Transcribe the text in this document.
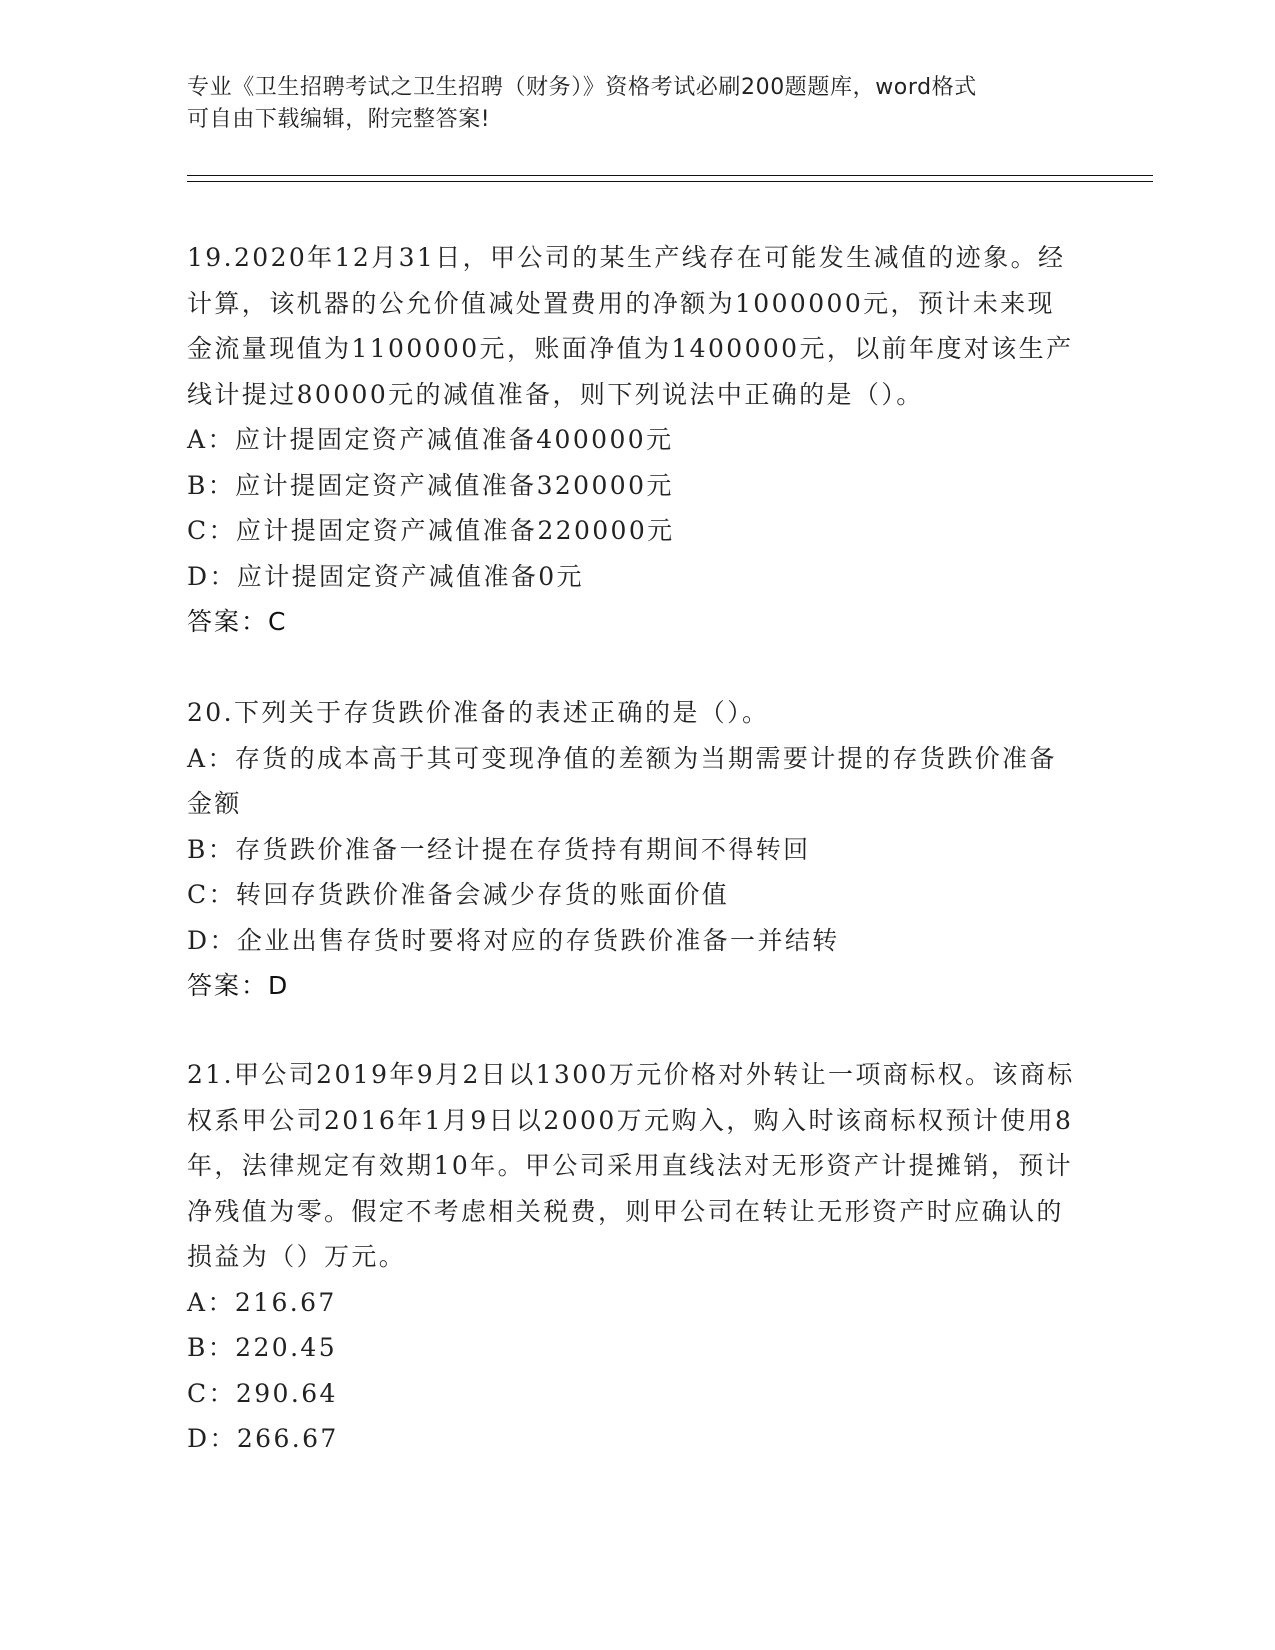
专业《卫生招聘考试之卫生招聘（财务）》资格考试必刷200题题库，word格式
可自由下载编辑，附完整答案!

19.2020年12月31日，甲公司的某生产线存在可能发生减值的迹象。经计算，该机器的公允价值减处置费用的净额为1000000元，预计未来现金流量现值为1100000元，账面净值为1400000元，以前年度对该生产线计提过80000元的减值准备，则下列说法中正确的是（）。

A：应计提固定资产减值准备400000元

B：应计提固定资产减值准备320000元

C：应计提固定资产减值准备220000元

D：应计提固定资产减值准备0元

答案：C

20.下列关于存货跌价准备的表述正确的是（）。

A：存货的成本高于其可变现净值的差额为当期需要计提的存货跌价准备金额

B：存货跌价准备一经计提在存货持有期间不得转回

C：转回存货跌价准备会减少存货的账面价值

D：企业出售存货时要将对应的存货跌价准备一并结转

答案：D

21.甲公司2019年9月2日以1300万元价格对外转让一项商标权。该商标权系甲公司2016年1月9日以2000万元购入，购入时该商标权预计使用8年，法律规定有效期10年。甲公司采用直线法对无形资产计提摊销，预计净残值为零。假定不考虑相关税费，则甲公司在转让无形资产时应确认的损益为（）万元。

A：216.67

B：220.45

C：290.64

D：266.67
